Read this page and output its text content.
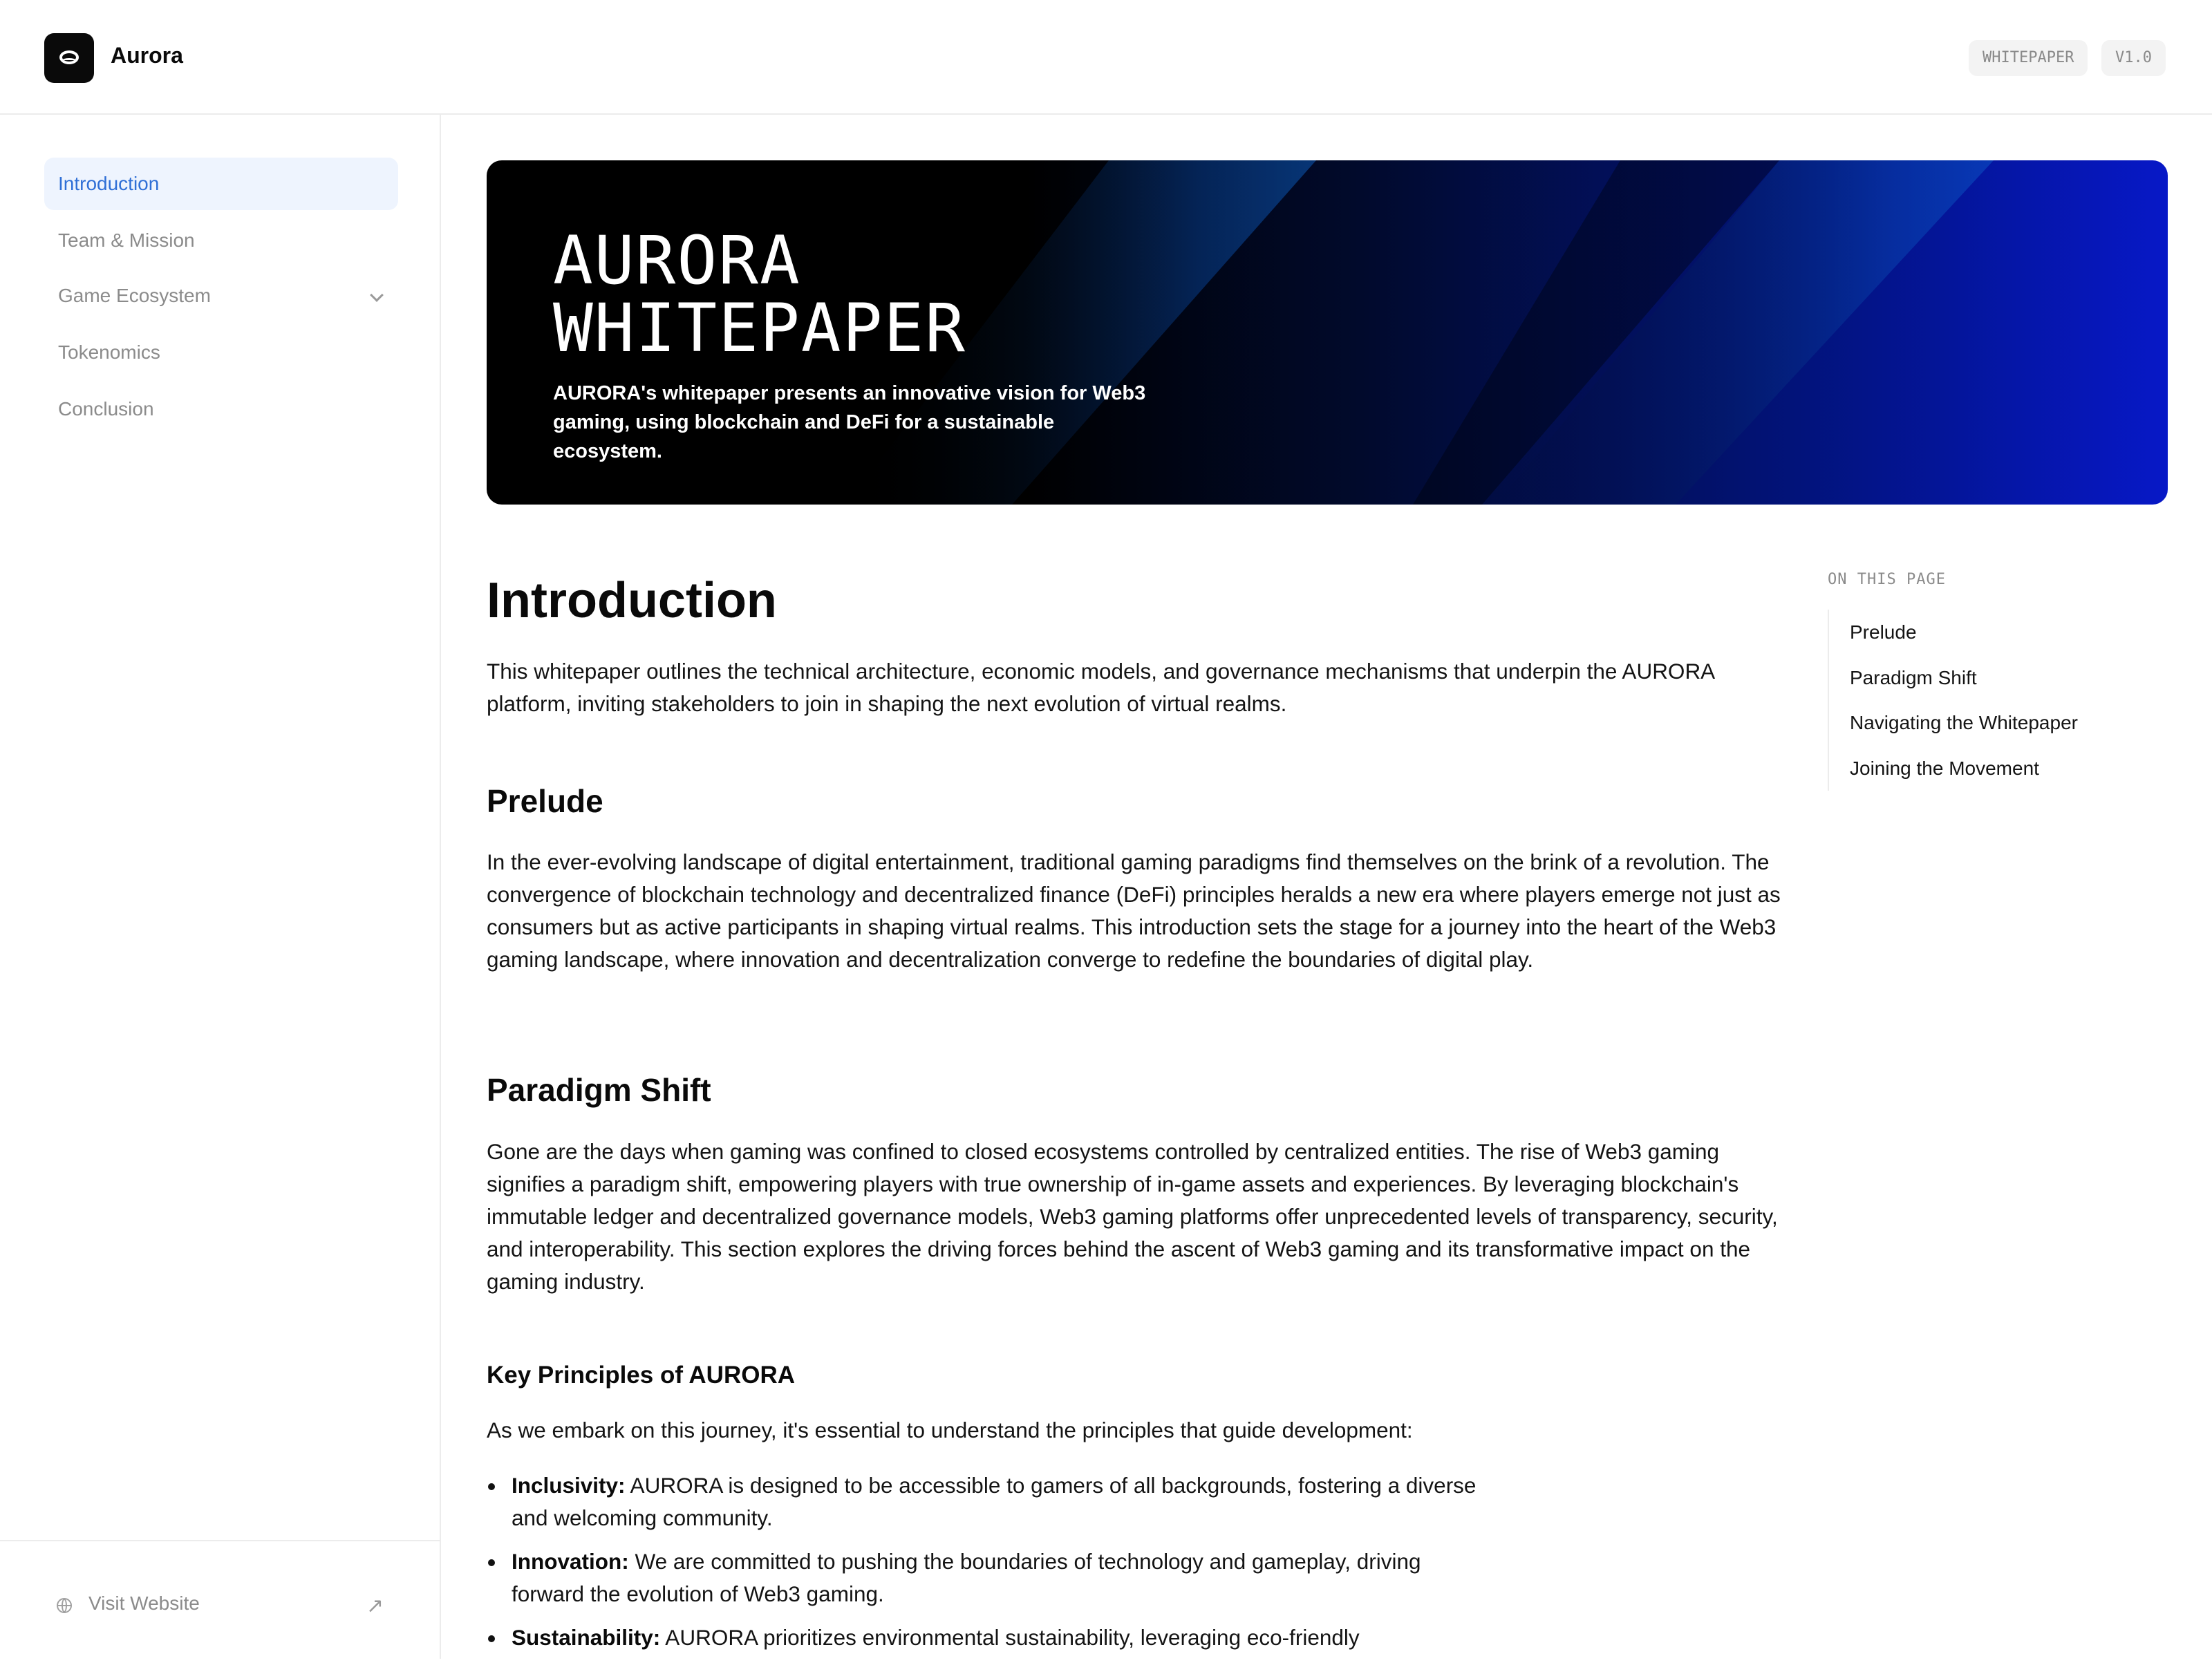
Aurora	WHITEPAPER	V1.0
Introduction
Team & Mission
Game Ecosystem
Tokenomics
Conclusion
Visit Website	↗
AURORA
WHITEPAPER

AURORA's whitepaper presents an innovative vision for Web3 gaming, using blockchain and DeFi for a sustainable ecosystem.

Introduction

This whitepaper outlines the technical architecture, economic models, and governance mechanisms that underpin the AURORA platform, inviting stakeholders to join in shaping the next evolution of virtual realms.

Prelude

In the ever-evolving landscape of digital entertainment, traditional gaming paradigms find themselves on the brink of a revolution. The convergence of blockchain technology and decentralized finance (DeFi) principles heralds a new era where players emerge not just as consumers but as active participants in shaping virtual realms. This introduction sets the stage for a journey into the heart of the Web3 gaming landscape, where innovation and decentralization converge to redefine the boundaries of digital play.

Paradigm Shift

Gone are the days when gaming was confined to closed ecosystems controlled by centralized entities. The rise of Web3 gaming signifies a paradigm shift, empowering players with true ownership of in-game assets and experiences. By leveraging blockchain's immutable ledger and decentralized governance models, Web3 gaming platforms offer unprecedented levels of transparency, security, and interoperability. This section explores the driving forces behind the ascent of Web3 gaming and its transformative impact on the gaming industry.

Key Principles of AURORA

As we embark on this journey, it's essential to understand the principles that guide development:

Inclusivity: AURORA is designed to be accessible to gamers of all backgrounds, fostering a diverse and welcoming community.
Innovation: We are committed to pushing the boundaries of technology and gameplay, driving forward the evolution of Web3 gaming.
Sustainability: AURORA prioritizes environmental sustainability, leveraging eco-friendly
ON THIS PAGE
Prelude
Paradigm Shift
Navigating the Whitepaper
Joining the Movement
